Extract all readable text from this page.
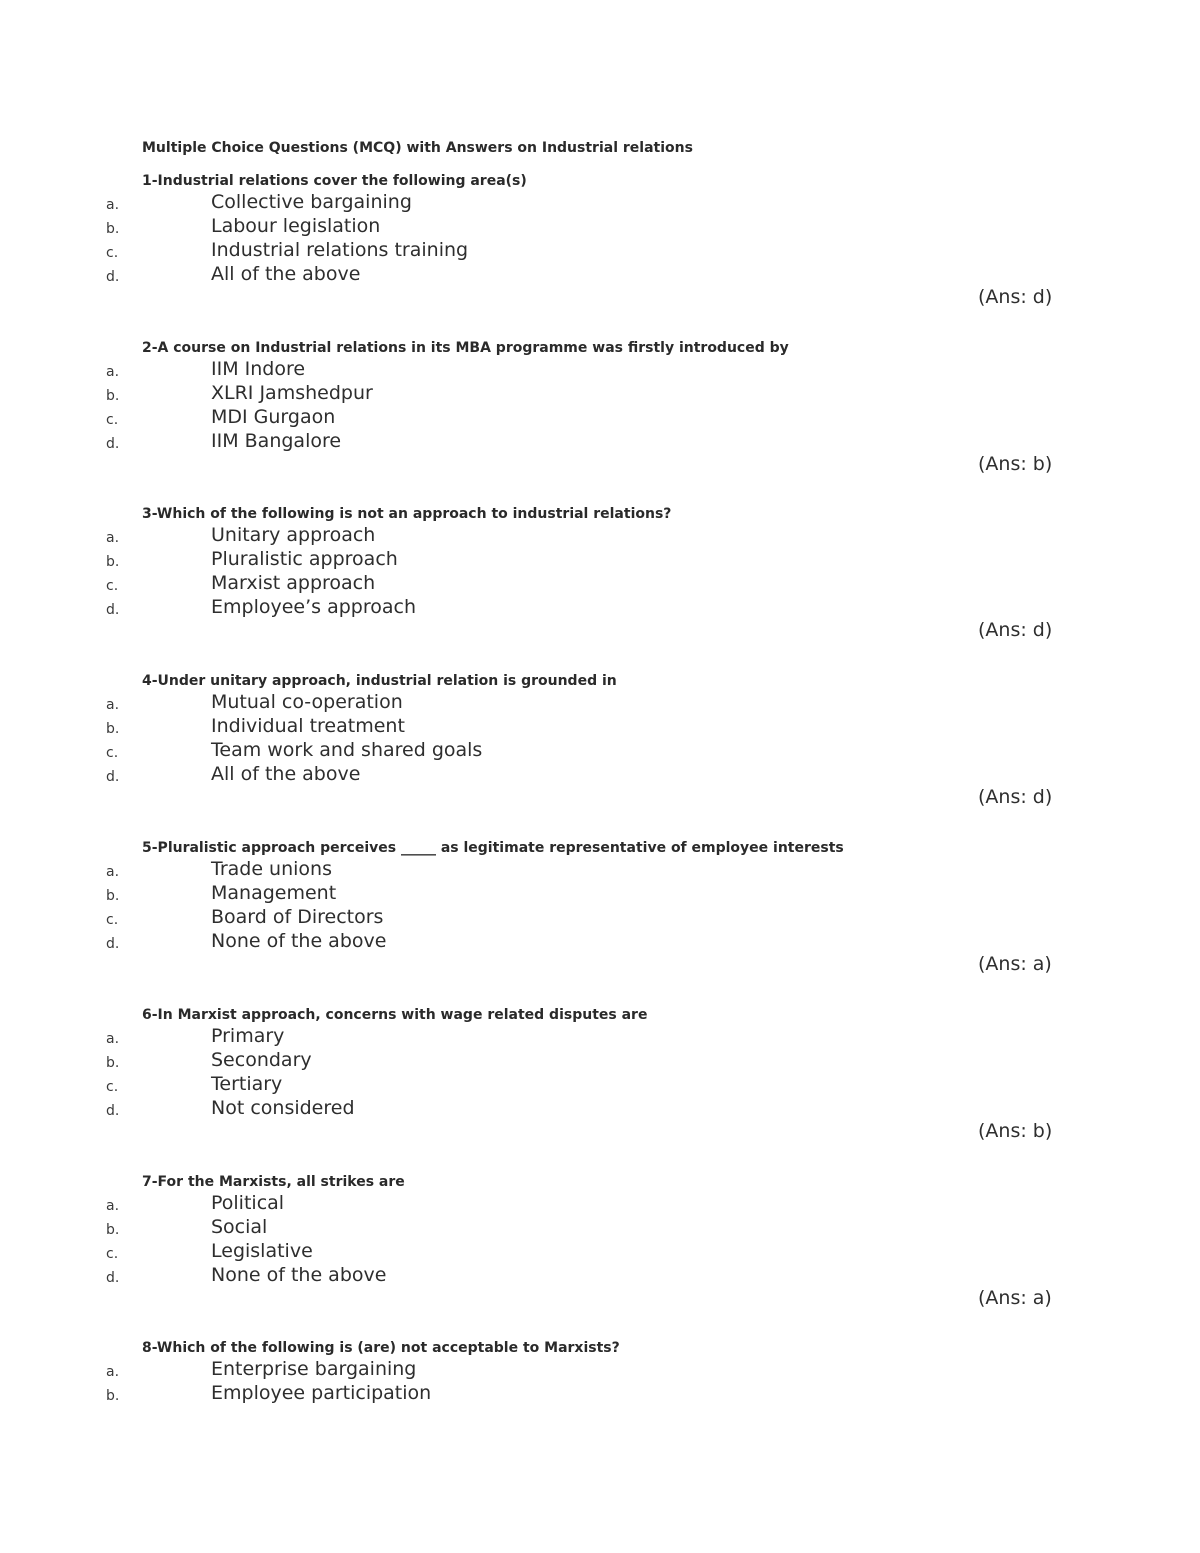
Multiple Choice Questions (MCQ) with Answers on Industrial relations
1-Industrial relations cover the following area(s)
a.	Collective bargaining
b.	Labour legislation
c.	Industrial relations training
d.	All of the above
(Ans: d)
2-A course on Industrial relations in its MBA programme was firstly introduced by
a.	IIM Indore
b.	XLRI Jamshedpur
c.	MDI Gurgaon
d.	IIM Bangalore
(Ans: b)
3-Which of the following is not an approach to industrial relations?
a.	Unitary approach
b.	Pluralistic approach
c.	Marxist approach
d.	Employee’s approach
(Ans: d)
4-Under unitary approach, industrial relation is grounded in
a.	Mutual co-operation
b.	Individual treatment
c.	Team work and shared goals
d.	All of the above
(Ans: d)
5-Pluralistic approach perceives _____ as legitimate representative of employee interests
a.	Trade unions
b.	Management
c.	Board of Directors
d.	None of the above
(Ans: a)
6-In Marxist approach, concerns with wage related disputes are
a.	Primary
b.	Secondary
c.	Tertiary
d.	Not considered
(Ans: b)
7-For the Marxists, all strikes are
a.	Political
b.	Social
c.	Legislative
d.	None of the above
(Ans: a)
8-Which of the following is (are) not acceptable to Marxists?
a.	Enterprise bargaining
b.	Employee participation
